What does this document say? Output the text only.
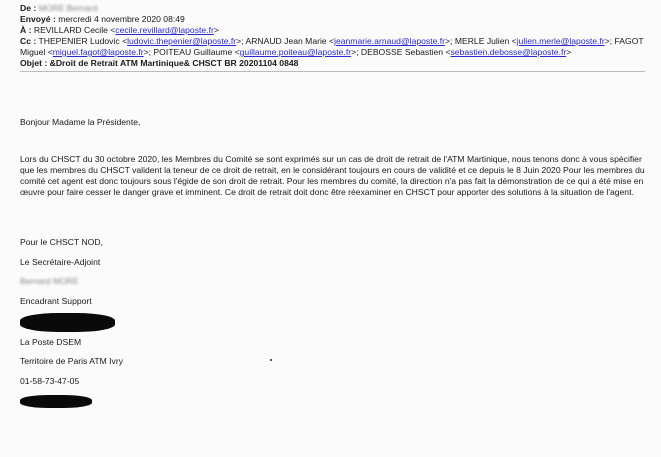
De : MORE Bernard
Envoyé : mercredi 4 novembre 2020 08:49
À : REVILLARD Cecile <cecile.revillard@laposte.fr>
Cc : THEPENIER Ludovic <ludovic.thepenier@laposte.fr>; ARNAUD Jean Marie <jeanmarie.arnaud@laposte.fr>; MERLE Julien <julien.merle@laposte.fr>; FAGOT Miguel <miguel.fagot@laposte.fr>; POITEAU Guillaume <guillaume.poiteau@laposte.fr>; DEBOSSE Sebastien <sebastien.debosse@laposte.fr>
Objet : &Droit de Retrait ATM Martinique& CHSCT BR 20201104 0848

Bonjour Madame la Présidente,

Lors du CHSCT du 30 octobre 2020, les Membres du Comité se sont exprimés sur un cas de droit de retrait de l'ATM Martinique, nous tenons donc à vous spécifier que les membres du CHSCT valident la teneur de ce droit de retrait, en le considérant toujours en cours de validité et ce depuis le 8 Juin 2020 Pour les membres du comité cet agent est donc toujours sous l'égide de son droit de retrait. Pour les membres du comité, la direction n'a pas fait la démonstration de ce qui a été mise en œuvre pour faire cesser le danger grave et imminent. Ce droit de retrait doit donc être réexaminer en CHSCT pour apporter des solutions à la situation de l'agent.

Pour le CHSCT NOD,

Le Secrétaire-Adjoint

Bernard MORE

Encadrant Support

La Poste DSEM

Territoire de Paris ATM Ivry

01-58-73-47-05
